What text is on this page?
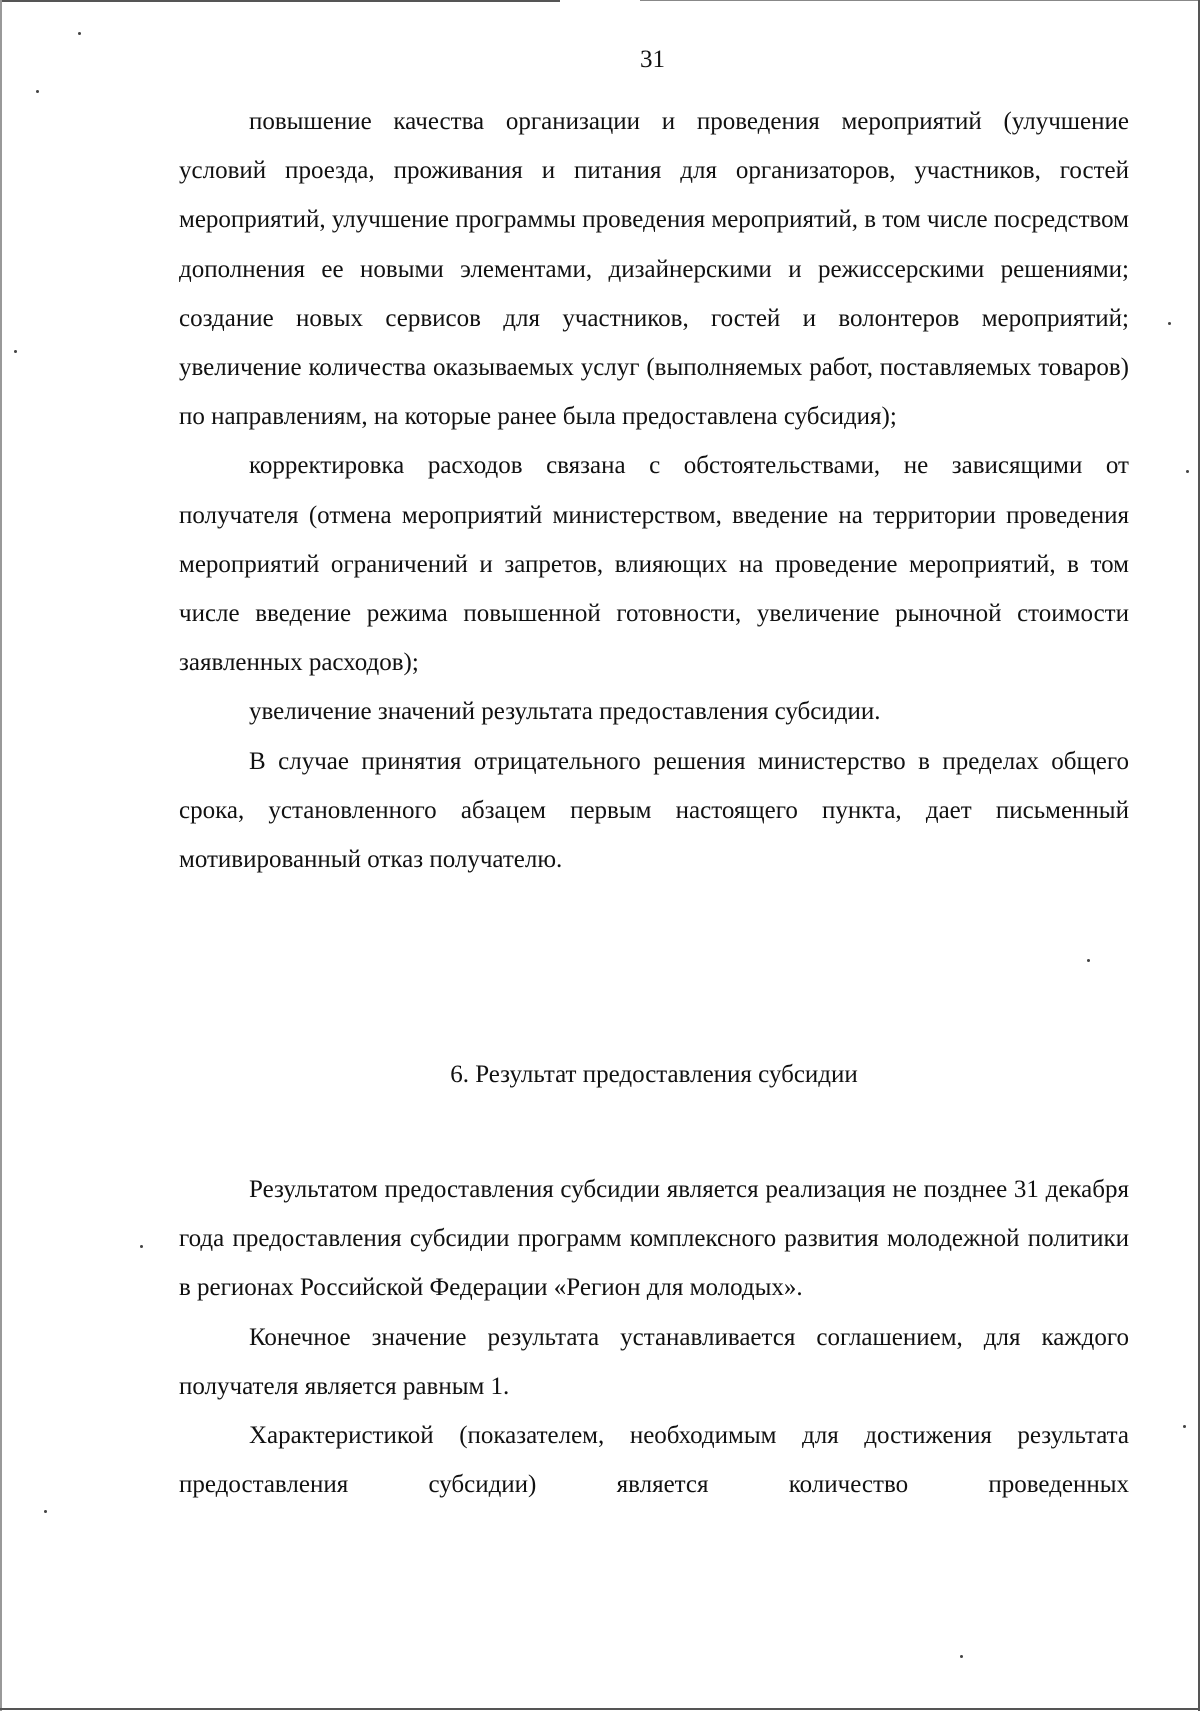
31

повышение качества организации и проведения мероприятий (улучшение условий проезда, проживания и питания для организаторов, участников, гостей мероприятий, улучшение программы проведения мероприятий, в том числе посредством дополнения ее новыми элементами, дизайнерскими и режиссерскими решениями; создание новых сервисов для участников, гостей и волонтеров мероприятий; увеличение количества оказываемых услуг (выполняемых работ, поставляемых товаров) по направлениям, на которые ранее была предоставлена субсидия);

корректировка расходов связана с обстоятельствами, не зависящими от получателя (отмена мероприятий министерством, введение на территории проведения мероприятий ограничений и запретов, влияющих на проведение мероприятий, в том числе введение режима повышенной готовности, увеличение рыночной стоимости заявленных расходов);

увеличение значений результата предоставления субсидии.

В случае принятия отрицательного решения министерство в пределах общего срока, установленного абзацем первым настоящего пункта, дает письменный мотивированный отказ получателю.

6. Результат предоставления субсидии

Результатом предоставления субсидии является реализация не позднее 31 декабря года предоставления субсидии программ комплексного развития молодежной политики в регионах Российской Федерации «Регион для молодых».

Конечное значение результата устанавливается соглашением, для каждого получателя является равным 1.

Характеристикой (показателем, необходимым для достижения результата предоставления субсидии) является количество проведенных
